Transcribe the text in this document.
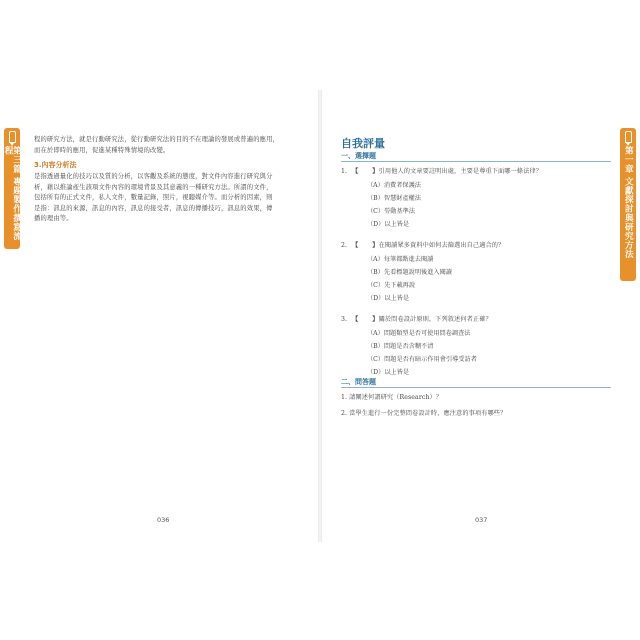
第三篇 專題製作撰寫流程
程的研究方法，就是行動研究法，從行動研究法的目的不在理論的發展或普遍的應用，
而在於即時的應用，促進某種特殊情境的改變。
3.內容分析法
是指透過量化的技巧以及質的分析，以客觀及系統的態度，對文件內容進行研究與分
析，藉以推論產生該項文件內容的環境背景及其意義的一種研究方法。所謂的文件，
包括所有的正式文件，私人文件，數量記錄，照片，視聽媒介等。而分析的因素，則
是指：訊息的來源，訊息的內容，訊息的接受者，訊息的傳播技巧，訊息的效果，傳
播的理由等。
036
第一章 文獻探討與研究方法
自我評量
一、選擇題
1. 【 】引用他人的文章要註明出處，主要是尊重下面哪一條法律？
（A）消費者保護法
（B）智慧財產權法
（C）勞動基準法
（D）以上皆是
2. 【 】在閱讀眾多資料中如何去篩選出自己適合的？
（A）每筆都點進去閱讀
（B）先看標題說明後進入閱讀
（C）先下載再說
（D）以上皆是
3. 【 】關於問卷設計原則，下列敘述何者正確？
（A）問題類型是否可使用問卷調查法
（B）問題是否含糊不清
（C）問題是否有暗示作用會引導受訪者
（D）以上皆是
二、問答題
1. 請闡述何謂研究（Research）？
2. 當學生進行一份完整問卷設計時，應注意的事項有哪些？
037
